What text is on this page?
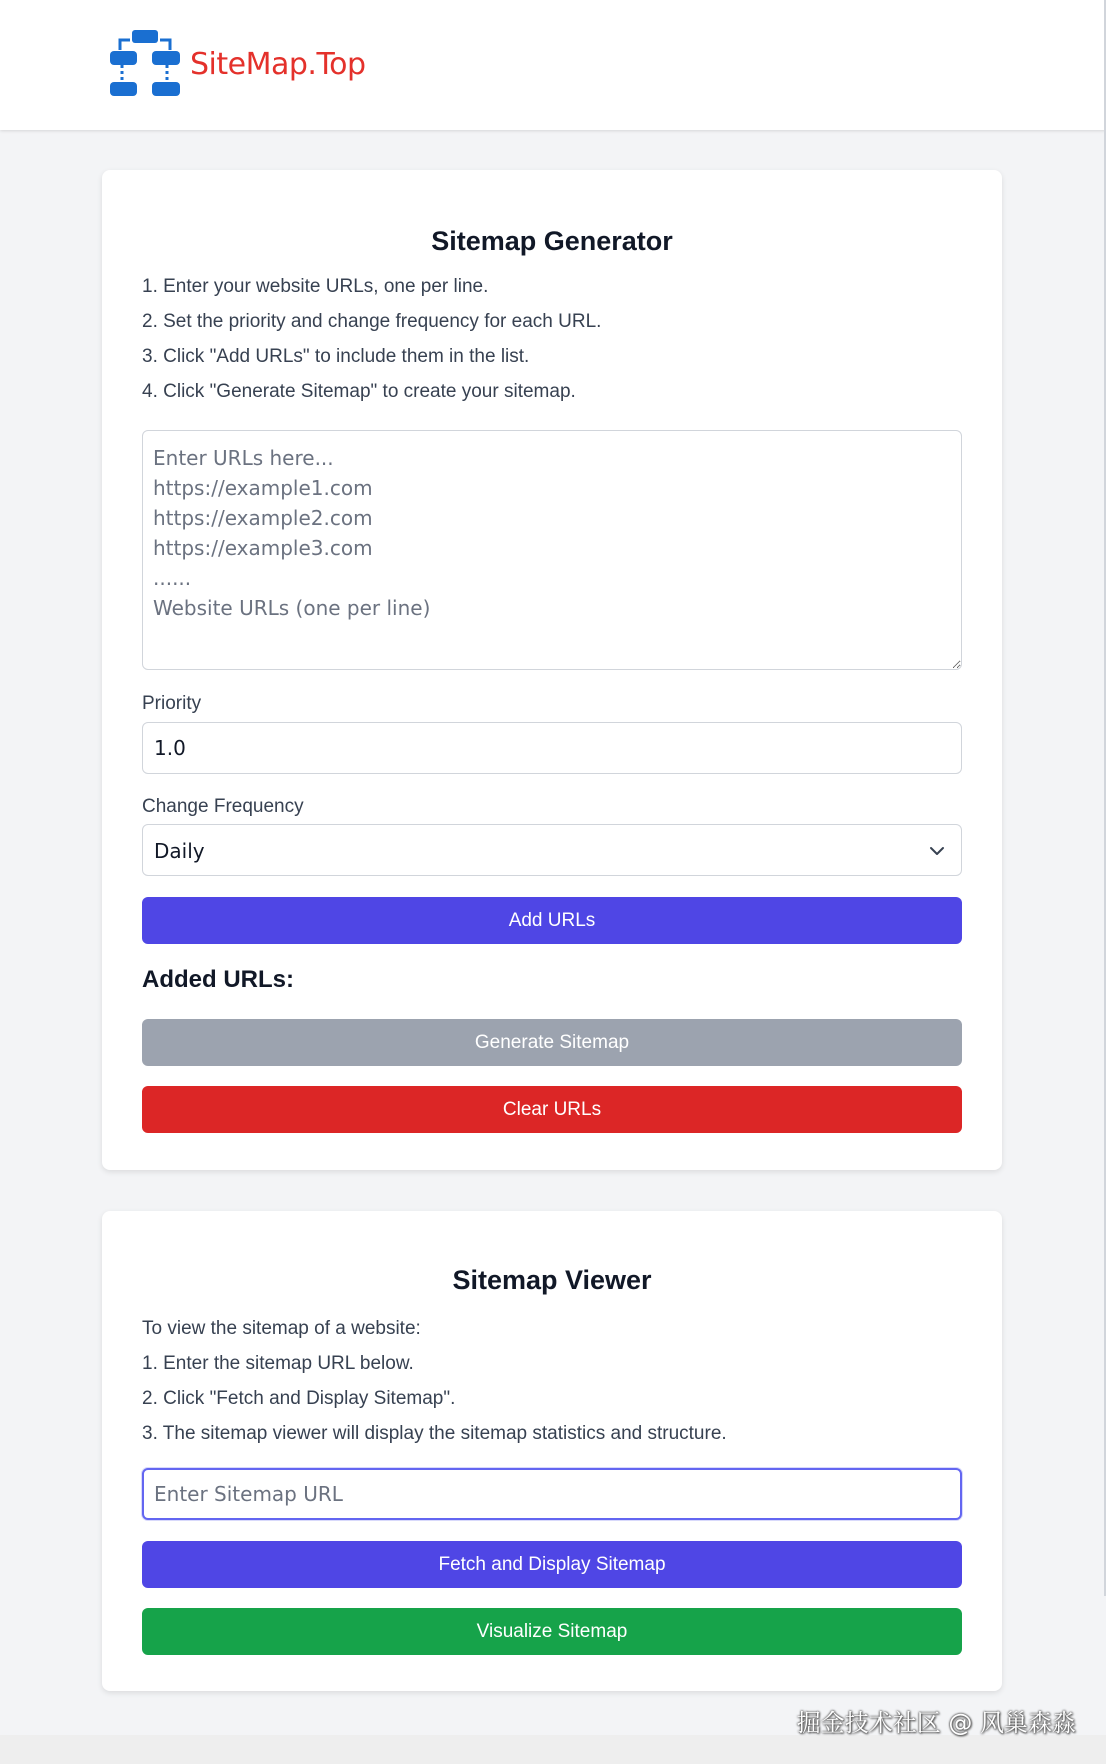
SiteMap.Top
Sitemap Generator
1. Enter your website URLs, one per line.
2. Set the priority and change frequency for each URL.
3. Click "Add URLs" to include them in the list.
4. Click "Generate Sitemap" to create your sitemap.
Enter URLs here... https://example1.com https://example2.com https://example3.com ...... Website URLs (one per line)
Priority
1.0
Change Frequency
Daily
Add URLs
Added URLs:
Generate Sitemap
Clear URLs
Sitemap Viewer
To view the sitemap of a website:
1. Enter the sitemap URL below.
2. Click "Fetch and Display Sitemap".
3. The sitemap viewer will display the sitemap statistics and structure.
Enter Sitemap URL
Fetch and Display Sitemap
Visualize Sitemap
掘金技术社区 @ 风巢森淼
